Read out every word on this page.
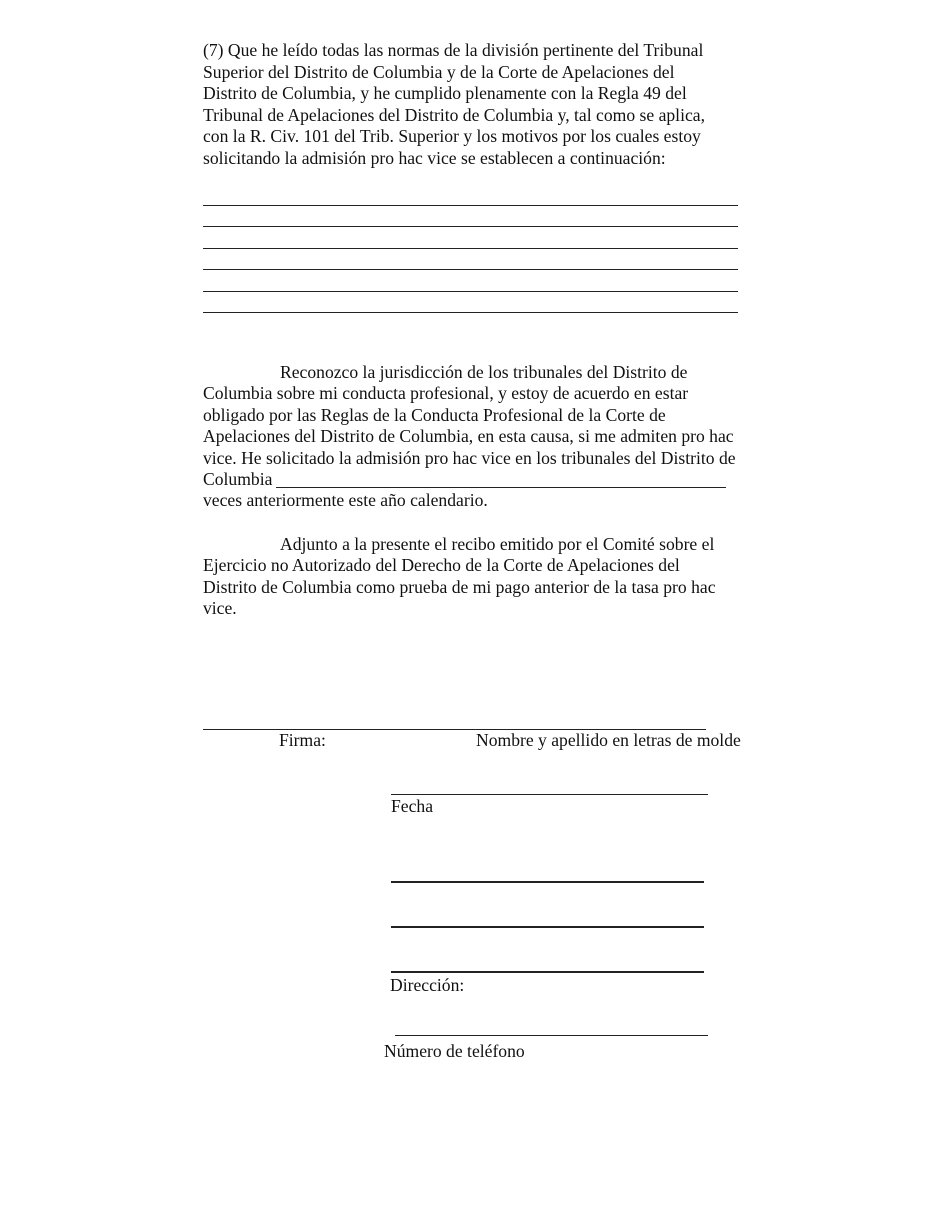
(7) Que he leído todas las normas de la división pertinente del Tribunal

Superior del Distrito de Columbia y de la Corte de Apelaciones del

Distrito de Columbia, y he cumplido plenamente con la Regla 49 del

Tribunal de Apelaciones del Distrito de Columbia y, tal como se aplica,

con la R. Civ. 101 del Trib. Superior y los motivos por los cuales estoy

solicitando la admisión pro hac vice se establecen a continuación:

Reconozco la jurisdicción de los tribunales del Distrito de

Columbia sobre mi conducta profesional, y estoy de acuerdo en estar

obligado por las Reglas de la Conducta Profesional de la Corte de

Apelaciones del Distrito de Columbia, en esta causa, si me admiten pro hac

vice. He solicitado la admisión pro hac vice en los tribunales del Distrito de

Columbia

veces anteriormente este año calendario.

Adjunto a la presente el recibo emitido por el Comité sobre el

Ejercicio no Autorizado del Derecho de la Corte de Apelaciones del

Distrito de Columbia como prueba de mi pago anterior de la tasa pro hac

vice.

Firma:	Nombre y apellido en letras de molde

Fecha

Dirección:

Número de teléfono
